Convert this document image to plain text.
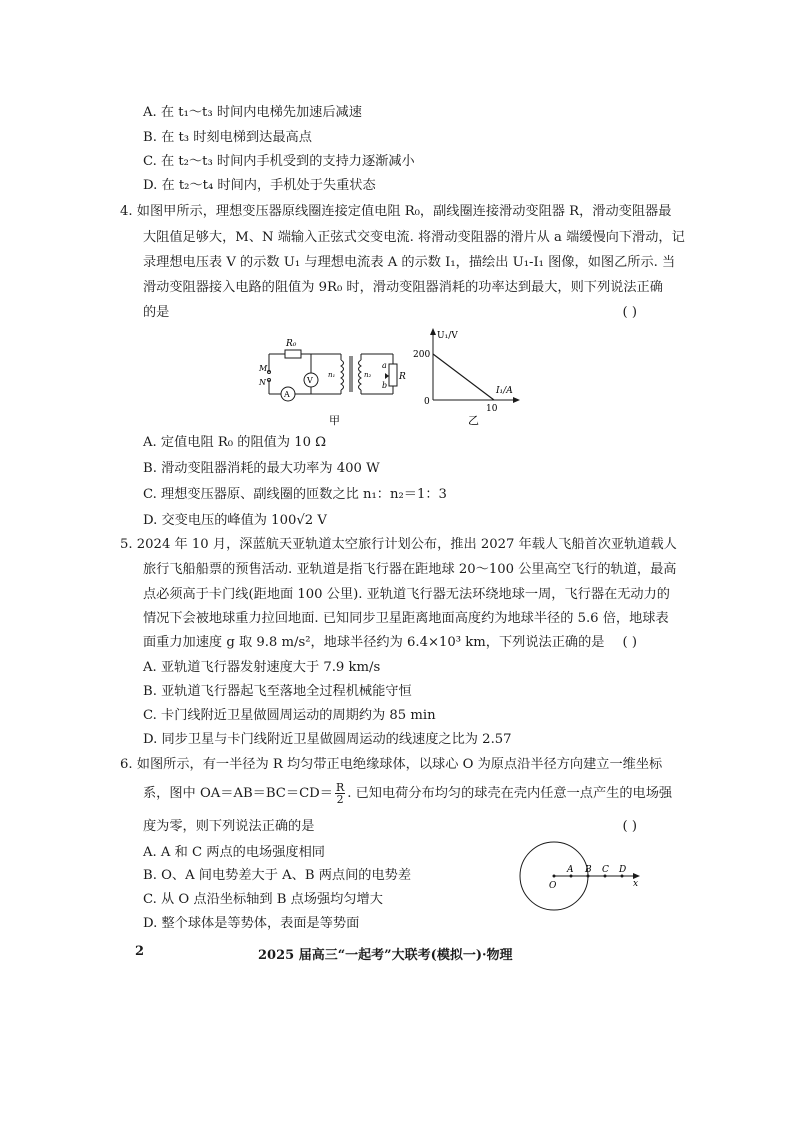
A. 在 t₁～t₃ 时间内电梯先加速后减速
B. 在 t₃ 时刻电梯到达最高点
C. 在 t₂～t₃ 时间内手机受到的支持力逐渐减小
D. 在 t₂～t₄ 时间内，手机处于失重状态
4. 如图甲所示，理想变压器原线圈连接定值电阻 R₀，副线圈连接滑动变阻器 R，滑动变阻器最
大阻值足够大，M、N 端输入正弦式交变电流. 将滑动变阻器的滑片从 a 端缓慢向下滑动，记
录理想电压表 V 的示数 U₁ 与理想电流表 A 的示数 I₁，描绘出 U₁-I₁ 图像，如图乙所示. 当
滑动变阻器接入电路的阻值为 9R₀ 时，滑动变阻器消耗的功率达到最大，则下列说法正确
的是	( )
R₀
M
N	V
A
n₁	n₂
a
b
R
甲
U₁/V
I₁/A
200
10
0
乙
A. 定值电阻 R₀ 的阻值为 10 Ω
B. 滑动变阻器消耗的最大功率为 400 W
C. 理想变压器原、副线圈的匝数之比 n₁：n₂＝1：3
D. 交变电压的峰值为 100√2 V
5. 2024 年 10 月，深蓝航天亚轨道太空旅行计划公布，推出 2027 年载人飞船首次亚轨道载人
旅行飞船船票的预售活动. 亚轨道是指飞行器在距地球 20～100 公里高空飞行的轨道，最高
点必须高于卡门线(距地面 100 公里). 亚轨道飞行器无法环绕地球一周，飞行器在无动力的
情况下会被地球重力拉回地面. 已知同步卫星距离地面高度约为地球半径的 5.6 倍，地球表
面重力加速度 g 取 9.8 m/s²，地球半径约为 6.4×10³ km，下列说法正确的是 ( )
A. 亚轨道飞行器发射速度大于 7.9 km/s
B. 亚轨道飞行器起飞至落地全过程机械能守恒
C. 卡门线附近卫星做圆周运动的周期约为 85 min
D. 同步卫星与卡门线附近卫星做圆周运动的线速度之比为 2.57
6. 如图所示，有一半径为 R 均匀带正电绝缘球体，以球心 O 为原点沿半径方向建立一维坐标
系，图中 $OA=AB=BC=CD= \frac{R}{2}$ . 已知电荷分布均匀的球壳在壳内任意一点产生的电场强
度为零，则下列说法正确的是	( )
O
A B C D
x
A. A 和 C 两点的电场强度相同
B. O、A 间电势差大于 A、B 两点间的电势差
C. 从 O 点沿坐标轴到 B 点场强均匀增大
D. 整个球体是等势体，表面是等势面
2	2025 届高三“一起考”大联考(模拟一)·物理
